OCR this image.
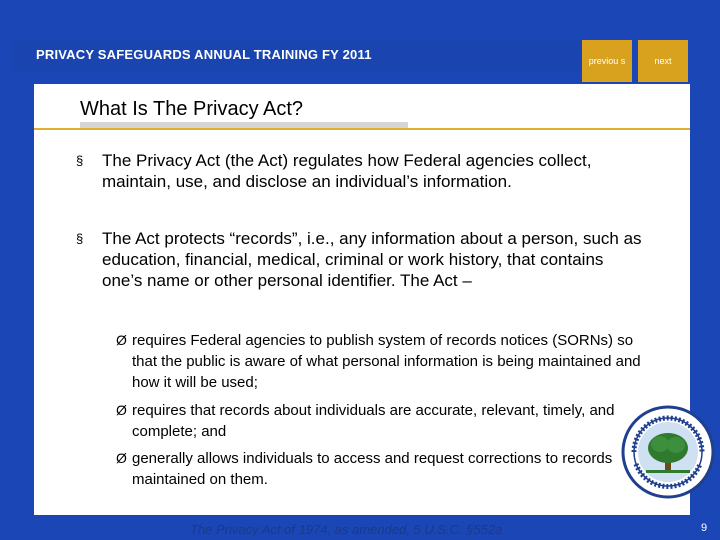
PRIVACY SAFEGUARDS ANNUAL TRAINING FY 2011	previou s	next
What Is The Privacy Act?
§ The Privacy Act (the Act) regulates how Federal agencies collect, maintain, use, and disclose an individual’s information.
§ The Act protects “records”, i.e., any information about a person, such as education, financial, medical, criminal or work history, that contains one’s name or other personal identifier. The Act –
Ø requires Federal agencies to publish system of records notices (SORNs) so that the public is aware of what personal information is being maintained and how it will be used;
Ø requires that records about individuals are accurate, relevant, timely, and complete; and
Ø generally allows individuals to access and request corrections to records maintained on them.
The Privacy Act of 1974, as amended, 5 U.S.C. §552a	9
